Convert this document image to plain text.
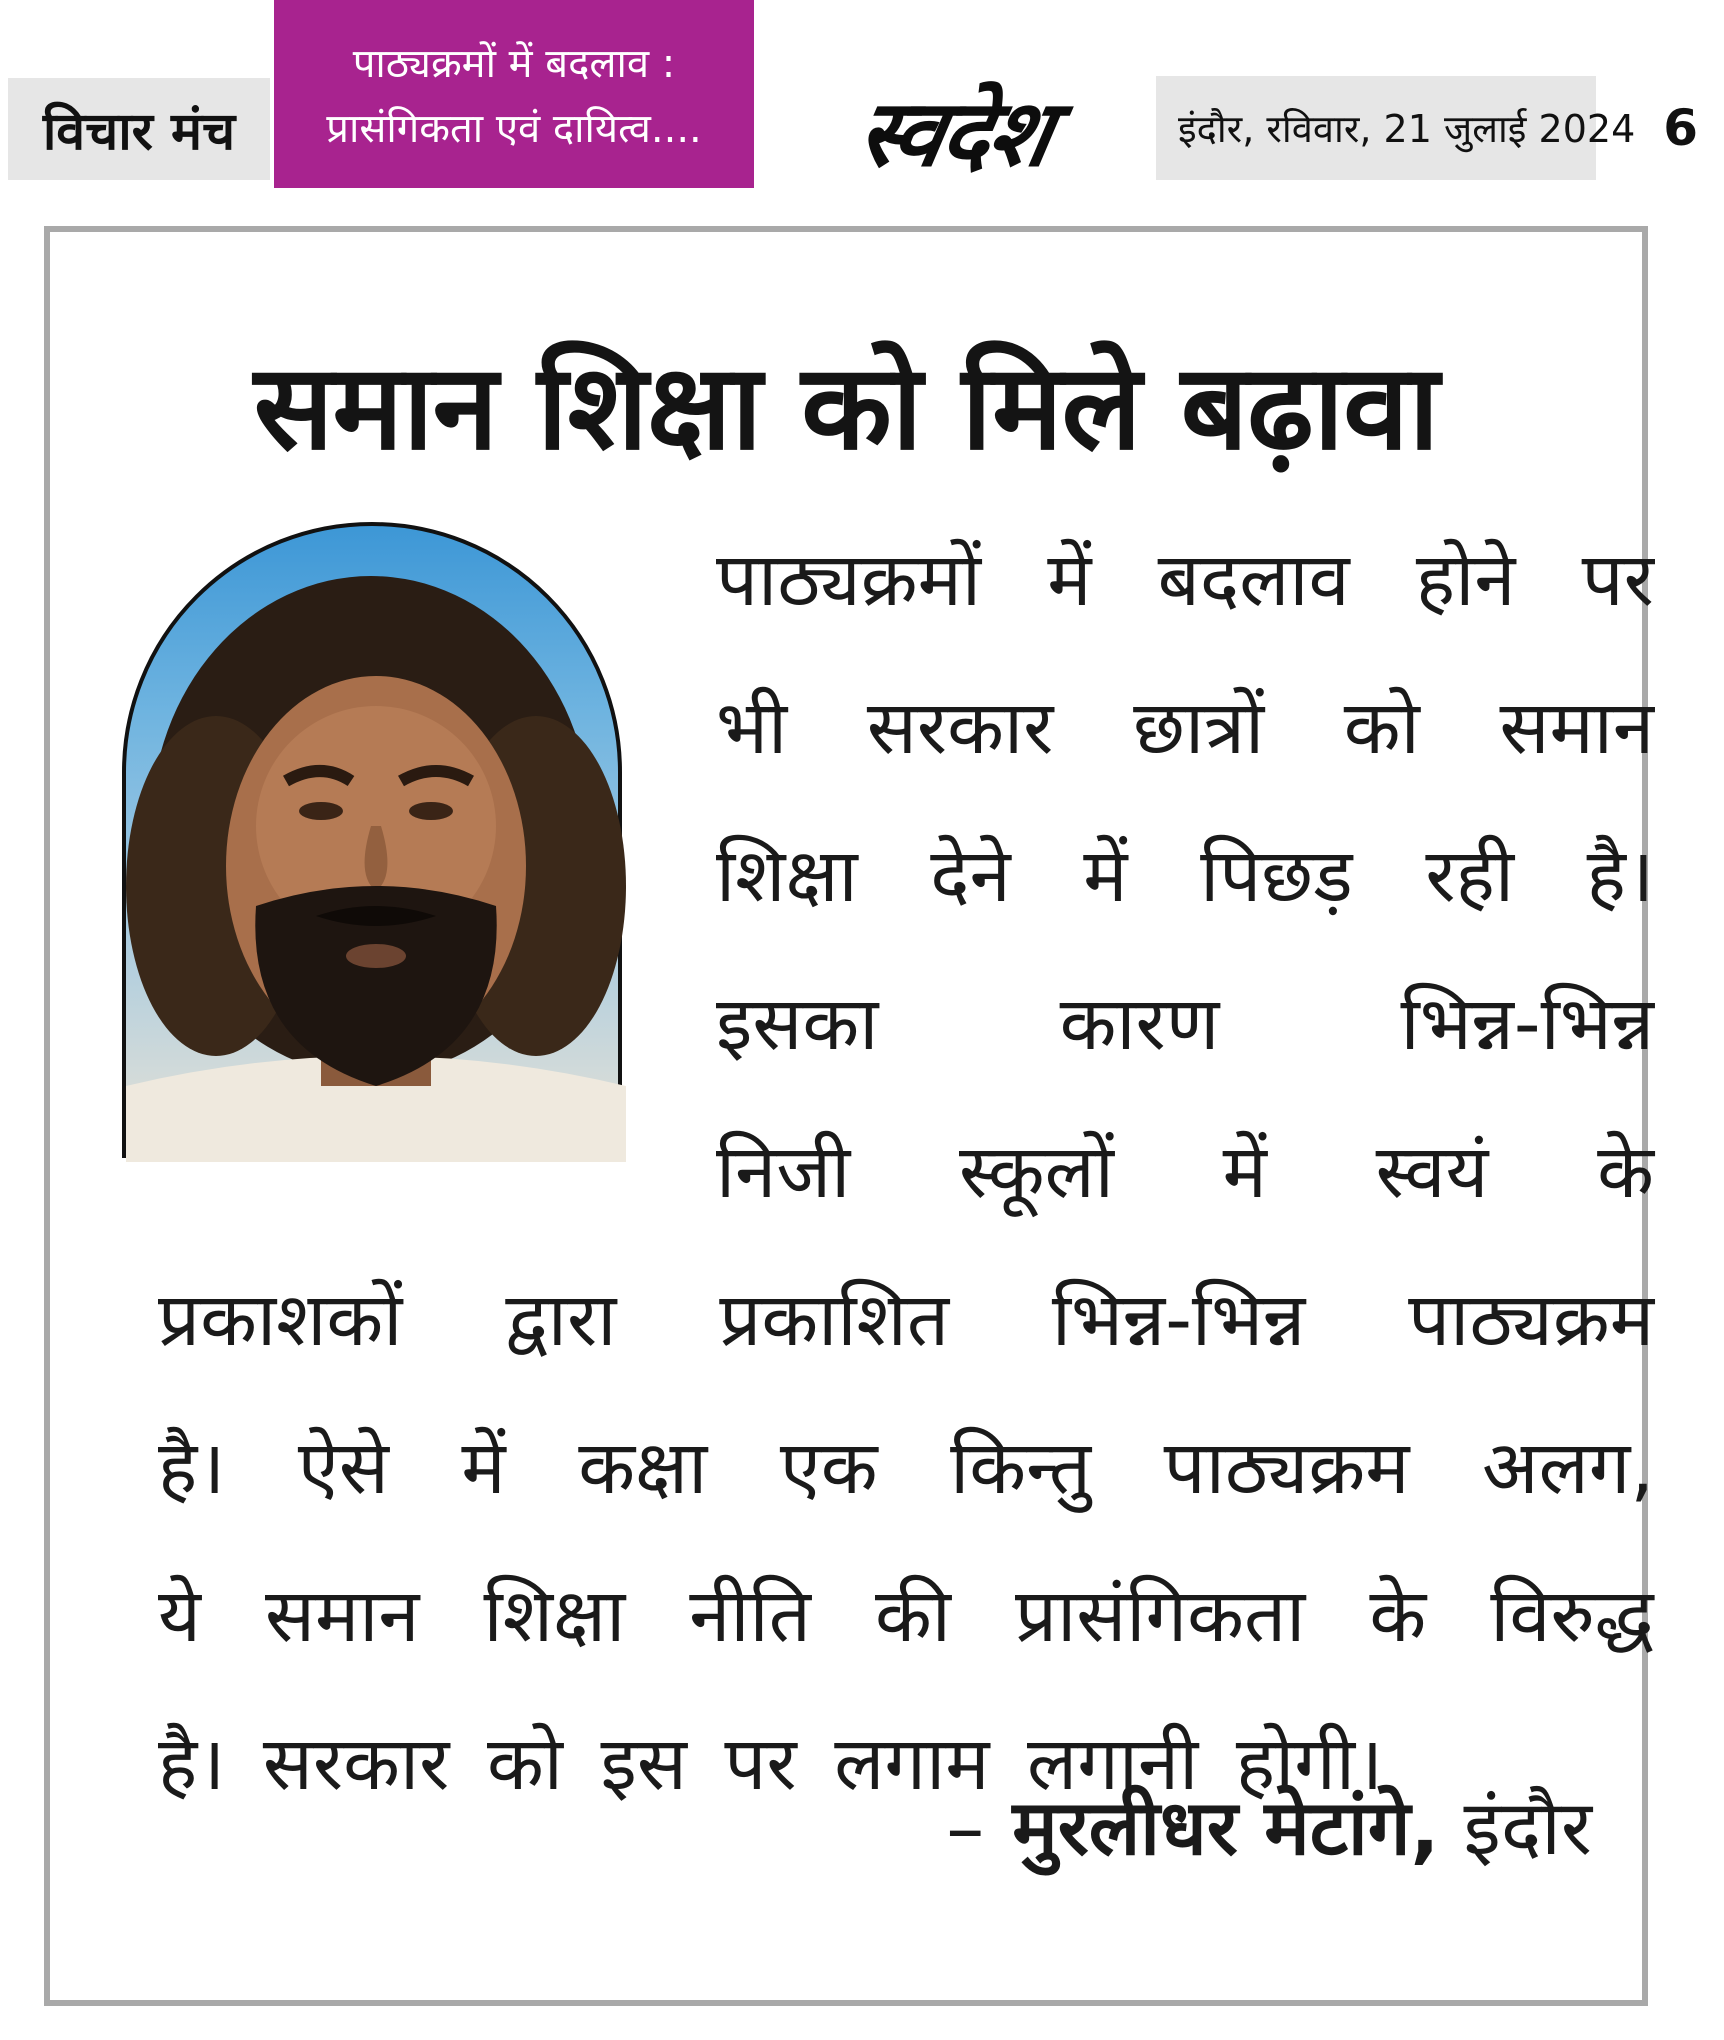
विचार मंच
पाठ्यक्रमों में बदलाव :
प्रासंगिकता एवं दायित्व.... स्वदेश	इंदौर, रविवार, 21 जुलाई 2024 6
समान शिक्षा को मिले बढ़ावा
पाठ्यक्रमों में बदलाव होने पर
भी सरकार छात्रों को समान
शिक्षा देने में पिछड़ रही है।
इसका कारण भिन्न-भिन्न
निजी स्कूलों में स्वयं के
प्रकाशकों द्वारा प्रकाशित भिन्न-भिन्न पाठ्यक्रम
है। ऐसे में कक्षा एक किन्तु पाठ्यक्रम अलग,
ये समान शिक्षा नीति की प्रासंगिकता के विरुद्ध
है।
सरकार
को
इस
पर
लगाम
लगानी
होगी।
– मुरलीधर मेटांगे, इंदौर
